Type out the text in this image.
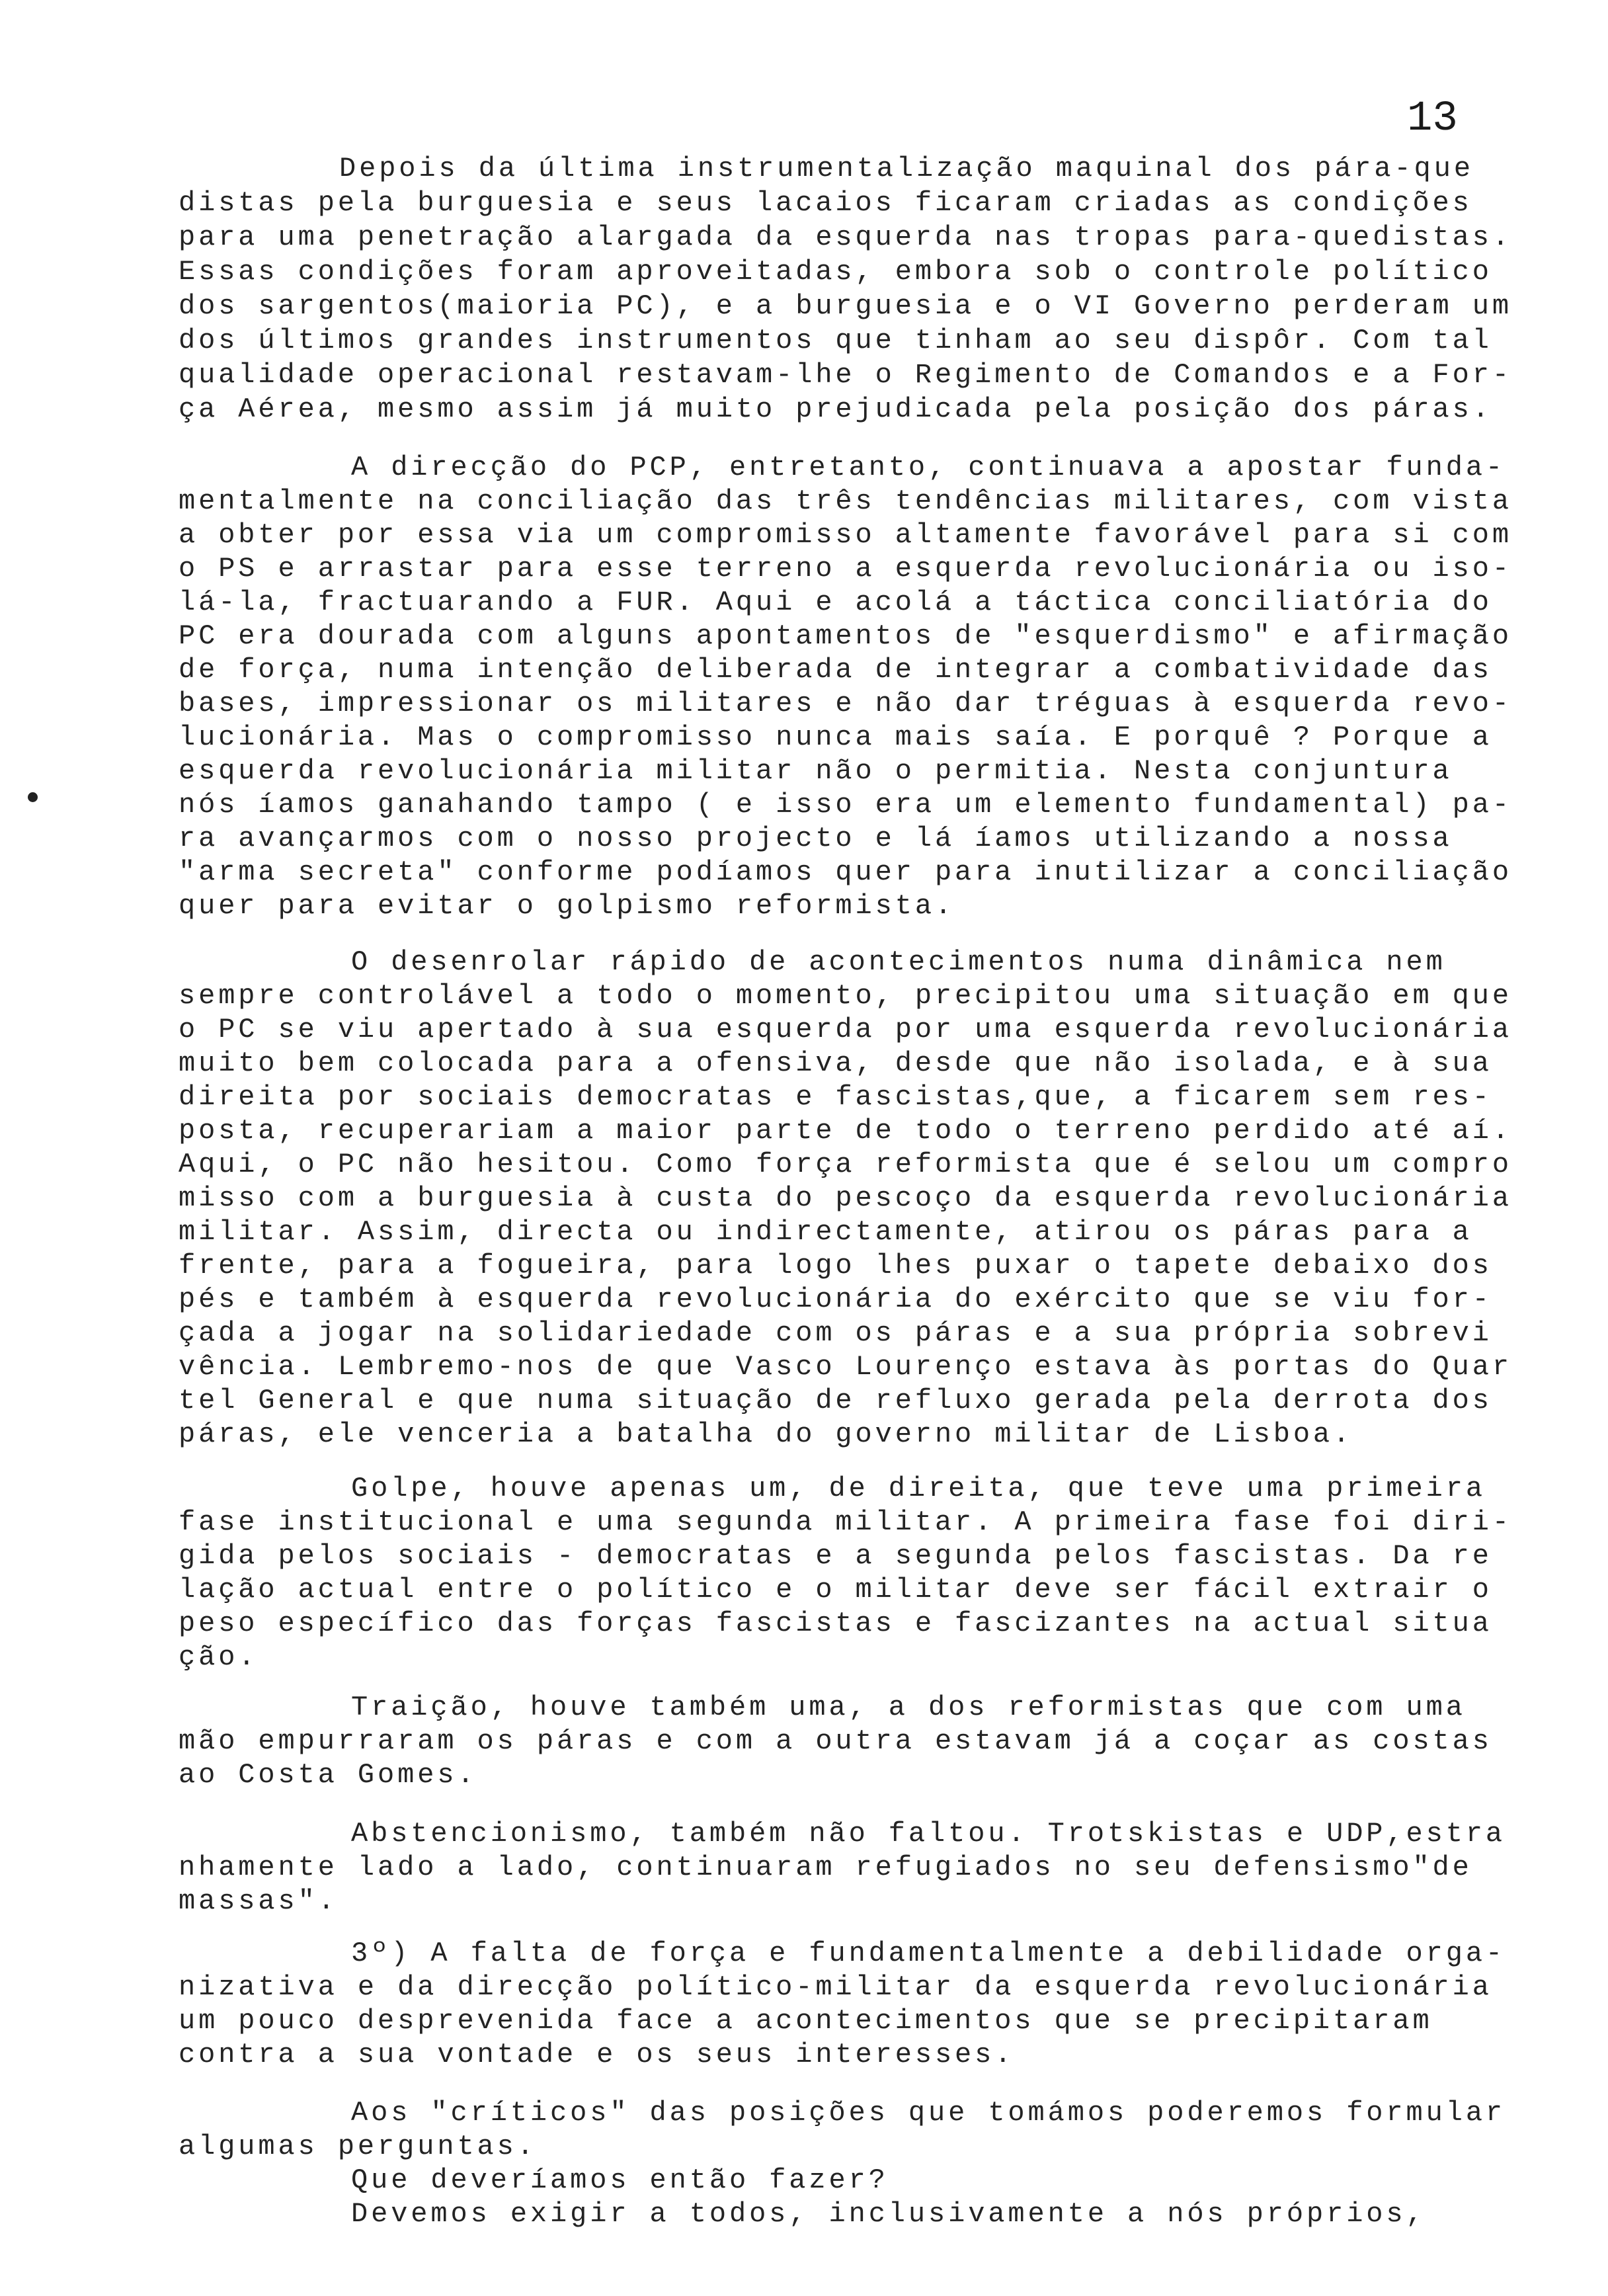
13
Depois da última instrumentalização maquinal dos pára-que
distas pela burguesia e seus lacaios ficaram criadas as condições
para uma penetração alargada da esquerda nas tropas para-quedistas.
Essas condições foram aproveitadas, embora sob o controle político
dos sargentos(maioria PC), e a burguesia e o VI Governo perderam um
dos últimos grandes instrumentos que tinham ao seu dispôr. Com tal
qualidade operacional restavam-lhe o Regimento de Comandos e a For-
ça Aérea, mesmo assim já muito prejudicada pela posição dos páras.
A direcção do PCP, entretanto, continuava a apostar funda-
mentalmente na conciliação das três tendências militares, com vista
a obter por essa via um compromisso altamente favorável para si com
o PS e arrastar para esse terreno a esquerda revolucionária ou iso-
lá-la, fractuarando a FUR. Aqui e acolá a táctica conciliatória do
PC era dourada com alguns apontamentos de "esquerdismo" e afirmação
de força, numa intenção deliberada de integrar a combatividade das
bases, impressionar os militares e não dar tréguas à esquerda revo-
lucionária. Mas o compromisso nunca mais saía. E porquê ? Porque a
esquerda revolucionária militar não o permitia. Nesta conjuntura
nós íamos ganahando tampo ( e isso era um elemento fundamental) pa-
ra avançarmos com o nosso projecto e lá íamos utilizando a nossa
"arma secreta" conforme podíamos quer para inutilizar a conciliação
quer para evitar o golpismo reformista.
O desenrolar rápido de acontecimentos numa dinâmica nem
sempre controlável a todo o momento, precipitou uma situação em que
o PC se viu apertado à sua esquerda por uma esquerda revolucionária
muito bem colocada para a ofensiva, desde que não isolada, e à sua
direita por sociais democratas e fascistas,que, a ficarem sem res-
posta, recuperariam a maior parte de todo o terreno perdido até aí.
Aqui, o PC não hesitou. Como força reformista que é selou um compro
misso com a burguesia à custa do pescoço da esquerda revolucionária
militar. Assim, directa ou indirectamente, atirou os páras para a
frente, para a fogueira, para logo lhes puxar o tapete debaixo dos
pés e também à esquerda revolucionária do exército que se viu for-
çada a jogar na solidariedade com os páras e a sua própria sobrevi
vência. Lembremo-nos de que Vasco Lourenço estava às portas do Quar
tel General e que numa situação de refluxo gerada pela derrota dos
páras, ele venceria a batalha do governo militar de Lisboa.
Golpe, houve apenas um, de direita, que teve uma primeira
fase institucional e uma segunda militar. A primeira fase foi diri-
gida pelos sociais - democratas e a segunda pelos fascistas. Da re
lação actual entre o político e o militar deve ser fácil extrair o
peso específico das forças fascistas e fascizantes na actual situa
ção.
Traição, houve também uma, a dos reformistas que com uma
mão empurraram os páras e com a outra estavam já a coçar as costas
ao Costa Gomes.
Abstencionismo, também não faltou. Trotskistas e UDP,estra
nhamente lado a lado, continuaram refugiados no seu defensismo"de
massas".
3º) A falta de força e fundamentalmente a debilidade orga-
nizativa e da direcção político-militar da esquerda revolucionária
um pouco desprevenida face a acontecimentos que se precipitaram
contra a sua vontade e os seus interesses.
Aos "críticos" das posições que tomámos poderemos formular
algumas perguntas.
Que deveríamos então fazer?
Devemos exigir a todos, inclusivamente a nós próprios,
